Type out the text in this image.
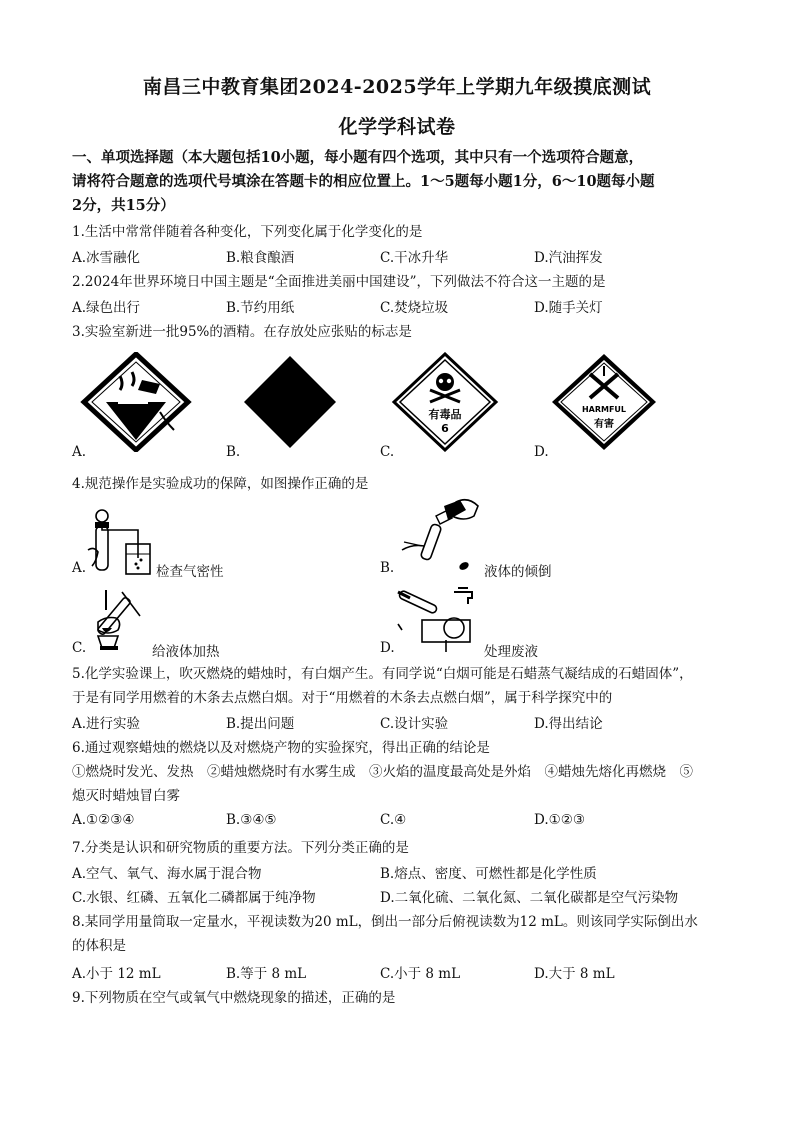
南昌三中教育集团2024-2025学年上学期九年级摸底测试
化学学科试卷
一、单项选择题（本大题包括10小题，每小题有四个选项，其中只有一个选项符合题意，
请将符合题意的选项代号填涂在答题卡的相应位置上。1～5题每小题1分，6～10题每小题
2分，共15分）
1.生活中常常伴随着各种变化，下列变化属于化学变化的是
A.冰雪融化	B.粮食酿酒	C.干冰升华	D.汽油挥发
2.2024年世界环境日中国主题是“全面推进美丽中国建设”，下列做法不符合这一主题的是
A.绿色出行	B.节约用纸	C.焚烧垃圾	D.随手关灯
3.实验室新进一批95%的酒精。在存放处应张贴的标志是
A.	B.
有毒品
6
C.
HARMFUL
有害
D.
4.规范操作是实验成功的保障，如图操作正确的是
A.	检查气密性	B.	液体的倾倒
C.	给液体加热	D.	处理废液
5.化学实验课上，吹灭燃烧的蜡烛时，有白烟产生。有同学说“白烟可能是石蜡蒸气凝结成的石蜡固体”，
于是有同学用燃着的木条去点燃白烟。对于“用燃着的木条去点燃白烟”，属于科学探究中的
A.进行实验	B.提出问题	C.设计实验	D.得出结论
6.通过观察蜡烛的燃烧以及对燃烧产物的实验探究，得出正确的结论是
①燃烧时发光、发热　②蜡烛燃烧时有水雾生成　③火焰的温度最高处是外焰　④蜡烛先熔化再燃烧　⑤
熄灭时蜡烛冒白雾
A.①②③④	B.③④⑤	C.④	D.①②③
7.分类是认识和研究物质的重要方法。下列分类正确的是
A.空气、氧气、海水属于混合物	B.熔点、密度、可燃性都是化学性质
C.水银、红磷、五氧化二磷都属于纯净物	D.二氧化硫、二氧化氮、二氧化碳都是空气污染物
8.某同学用量筒取一定量水，平视读数为20 mL，倒出一部分后俯视读数为12 mL。则该同学实际倒出水
的体积是
A.小于 12 mL	B.等于 8 mL	C.小于 8 mL	D.大于 8 mL
9.下列物质在空气或氧气中燃烧现象的描述，正确的是
